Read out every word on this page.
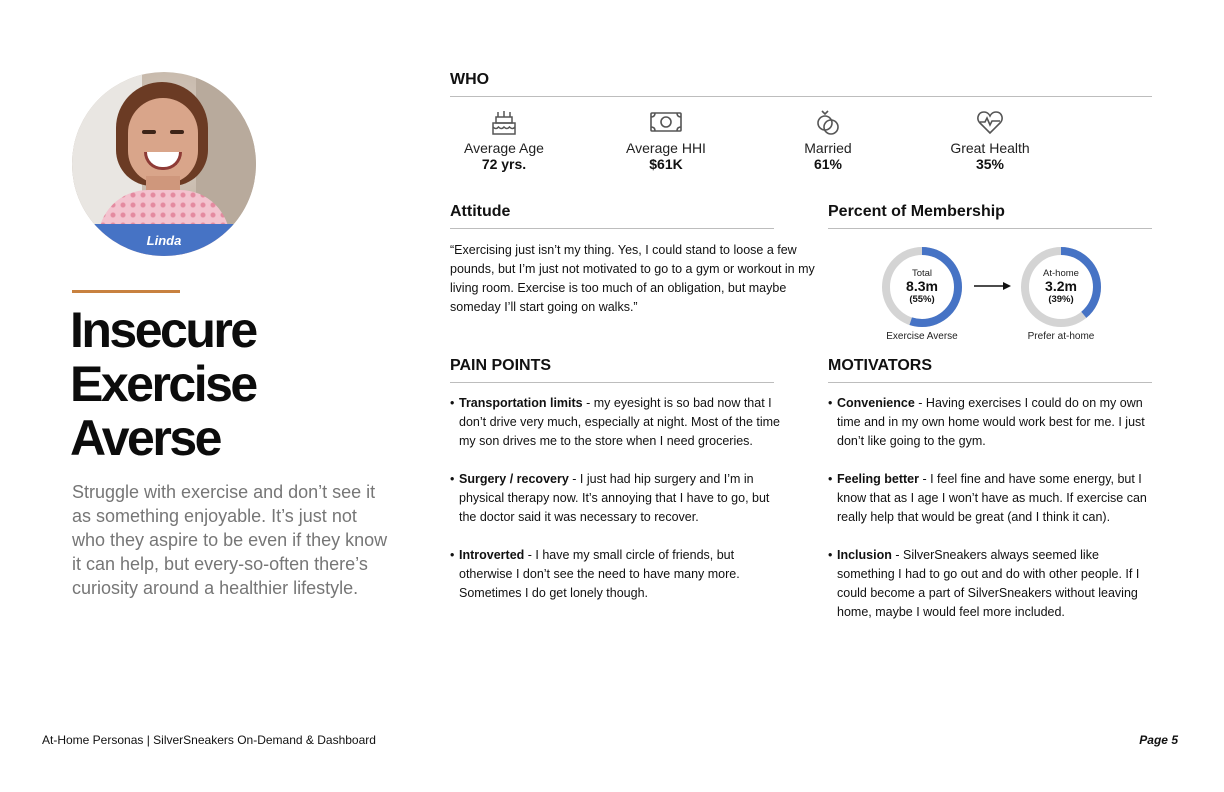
Linda
Insecure
Exercise
Averse
Struggle with exercise and don’t see it as something enjoyable. It’s just not who they aspire to be even if they know it can help, but every-so-often there’s curiosity around a healthier lifestyle.
WHO
Average Age
72 yrs.
Average HHI
$61K
Married
61%
Great Health
35%
Attitude
“Exercising just isn’t my thing. Yes, I could stand to loose a few pounds, but I’m just not motivated to go to a gym or workout in my living room. Exercise is too much of an obligation, but maybe someday I’ll start going on walks.”
Percent of Membership
Total
8.3m
(55%)
Exercise Averse
At-home
3.2m
(39%)
Prefer at-home
PAIN POINTS
• Transportation limits - my eyesight is so bad now that I don’t drive very much, especially at night. Most of the time my son drives me to the store when I need groceries.
• Surgery / recovery - I just had hip surgery and I’m in physical therapy now. It’s annoying that I have to go, but the doctor said it was necessary to recover.
• Introverted - I have my small circle of friends, but otherwise I don’t see the need to have many more. Sometimes I do get lonely though.
MOTIVATORS
• Convenience - Having exercises I could do on my own time and in my own home would work best for me. I just don’t like going to the gym.
• Feeling better - I feel fine and have some energy, but I know that as I age I won’t have as much. If exercise can really help that would be great (and I think it can).
• Inclusion - SilverSneakers always seemed like something I had to go out and do with other people. If I could become a part of SilverSneakers without leaving home, maybe I would feel more included.
At-Home Personas | SilverSneakers On-Demand & Dashboard	Page 5
